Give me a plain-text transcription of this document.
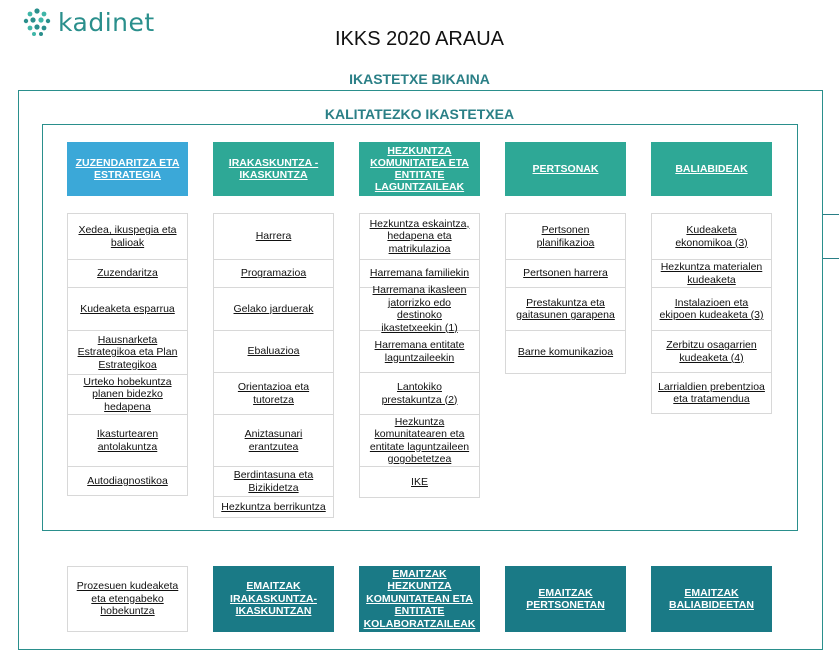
kadinet
IKKS 2020 ARAUA
IKASTETXE BIKAINA
KALITATEZKO IKASTETXEA
ZUZENDARITZA ETA ESTRATEGIA
IRAKASKUNTZA - IKASKUNTZA
HEZKUNTZA KOMUNITATEA ETA ENTITATE LAGUNTZAILEAK
PERTSONAK	BALIABIDEAK
Xedea, ikuspegia eta balioak
Zuzendaritza
Kudeaketa esparrua
Hausnarketa Estrategikoa eta Plan Estrategikoa
Urteko hobekuntza planen bidezko hedapena
Ikasturtearen antolakuntza
Autodiagnostikoa
Harrera
Programazioa
Gelako jarduerak
Ebaluazioa
Orientazioa eta tutoretza
Aniztasunari erantzutea
Berdintasuna eta Bizikidetza
Hezkuntza berrikuntza
Hezkuntza eskaintza, hedapena eta matrikulazioa
Harremana familiekin
Harremana ikasleen jatorrizko edo destinoko ikastetxeekin (1)
Harremana entitate laguntzaileekin
Lantokiko prestakuntza (2)
Hezkuntza komunitatearen eta entitate laguntzaileen gogobetetzea
IKE
Pertsonen planifikazioa
Pertsonen harrera
Prestakuntza eta gaitasunen garapena
Barne komunikazioa
Kudeaketa ekonomikoa (3)
Hezkuntza materialen kudeaketa
Instalazioen eta ekipoen kudeaketa (3)
Zerbitzu osagarrien kudeaketa (4)
Larrialdien prebentzioa eta tratamendua
Prozesuen kudeaketa eta etengabeko hobekuntza
EMAITZAK IRAKASKUNTZA-IKASKUNTZAN
EMAITZAK HEZKUNTZA KOMUNITATEAN ETA ENTITATE KOLABORATZAILEAK
EMAITZAK PERTSONETAN
EMAITZAK BALIABIDEETAN
